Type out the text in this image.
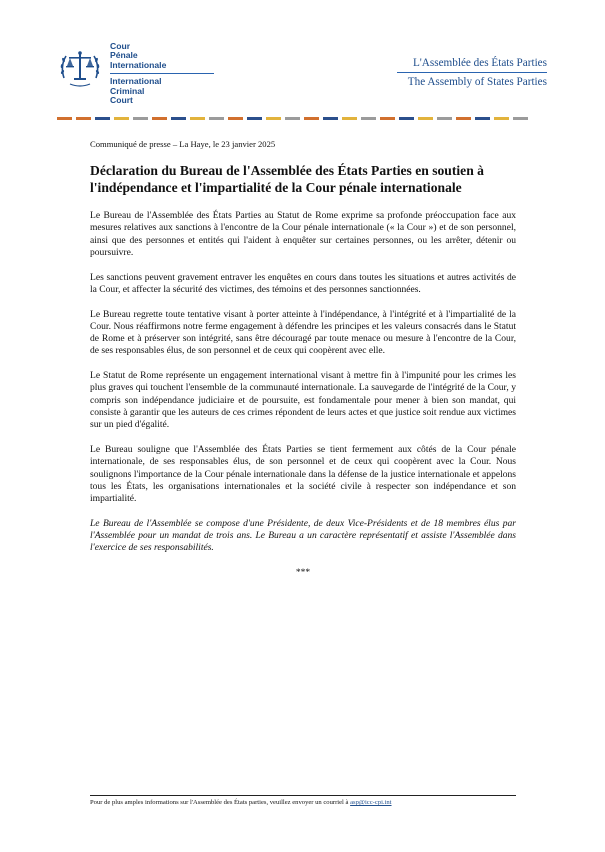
Cour
Pénale
Internationale
International
Criminal
Court
L'Assemblée des États Parties
The Assembly of States Parties
Communiqué de presse – La Haye, le 23 janvier 2025
Déclaration du Bureau de l'Assemblée des États Parties en soutien à l'indépendance et l'impartialité de la Cour pénale internationale

Le Bureau de l'Assemblée des États Parties au Statut de Rome exprime sa profonde préoccupation face aux mesures relatives aux sanctions à l'encontre de la Cour pénale internationale (« la Cour ») et de son personnel, ainsi que des personnes et entités qui l'aident à enquêter sur certaines personnes, ou les arrêter, détenir ou poursuivre.

Les sanctions peuvent gravement entraver les enquêtes en cours dans toutes les situations et autres activités de la Cour, et affecter la sécurité des victimes, des témoins et des personnes sanctionnées.

Le Bureau regrette toute tentative visant à porter atteinte à l'indépendance, à l'intégrité et à l'impartialité de la Cour. Nous réaffirmons notre ferme engagement à défendre les principes et les valeurs consacrés dans le Statut de Rome et à préserver son intégrité, sans être découragé par toute menace ou mesure à l'encontre de la Cour, de ses responsables élus, de son personnel et de ceux qui coopèrent avec elle.

Le Statut de Rome représente un engagement international visant à mettre fin à l'impunité pour les crimes les plus graves qui touchent l'ensemble de la communauté internationale. La sauvegarde de l'intégrité de la Cour, y compris son indépendance judiciaire et de poursuite, est fondamentale pour mener à bien son mandat, qui consiste à garantir que les auteurs de ces crimes répondent de leurs actes et que justice soit rendue aux victimes sur un pied d'égalité.

Le Bureau souligne que l'Assemblée des États Parties se tient fermement aux côtés de la Cour pénale internationale, de ses responsables élus, de son personnel et de ceux qui coopèrent avec la Cour. Nous soulignons l'importance de la Cour pénale internationale dans la défense de la justice internationale et appelons tous les États, les organisations internationales et la société civile à respecter son indépendance et son impartialité.

Le Bureau de l'Assemblée se compose d'une Présidente, de deux Vice-Présidents et de 18 membres élus par l'Assemblée pour un mandat de trois ans. Le Bureau a un caractère représentatif et assiste l'Assemblée dans l'exercice de ses responsabilités.

***
Pour de plus amples informations sur l'Assemblée des États parties, veuillez envoyer un courriel à asp@icc-cpi.int
